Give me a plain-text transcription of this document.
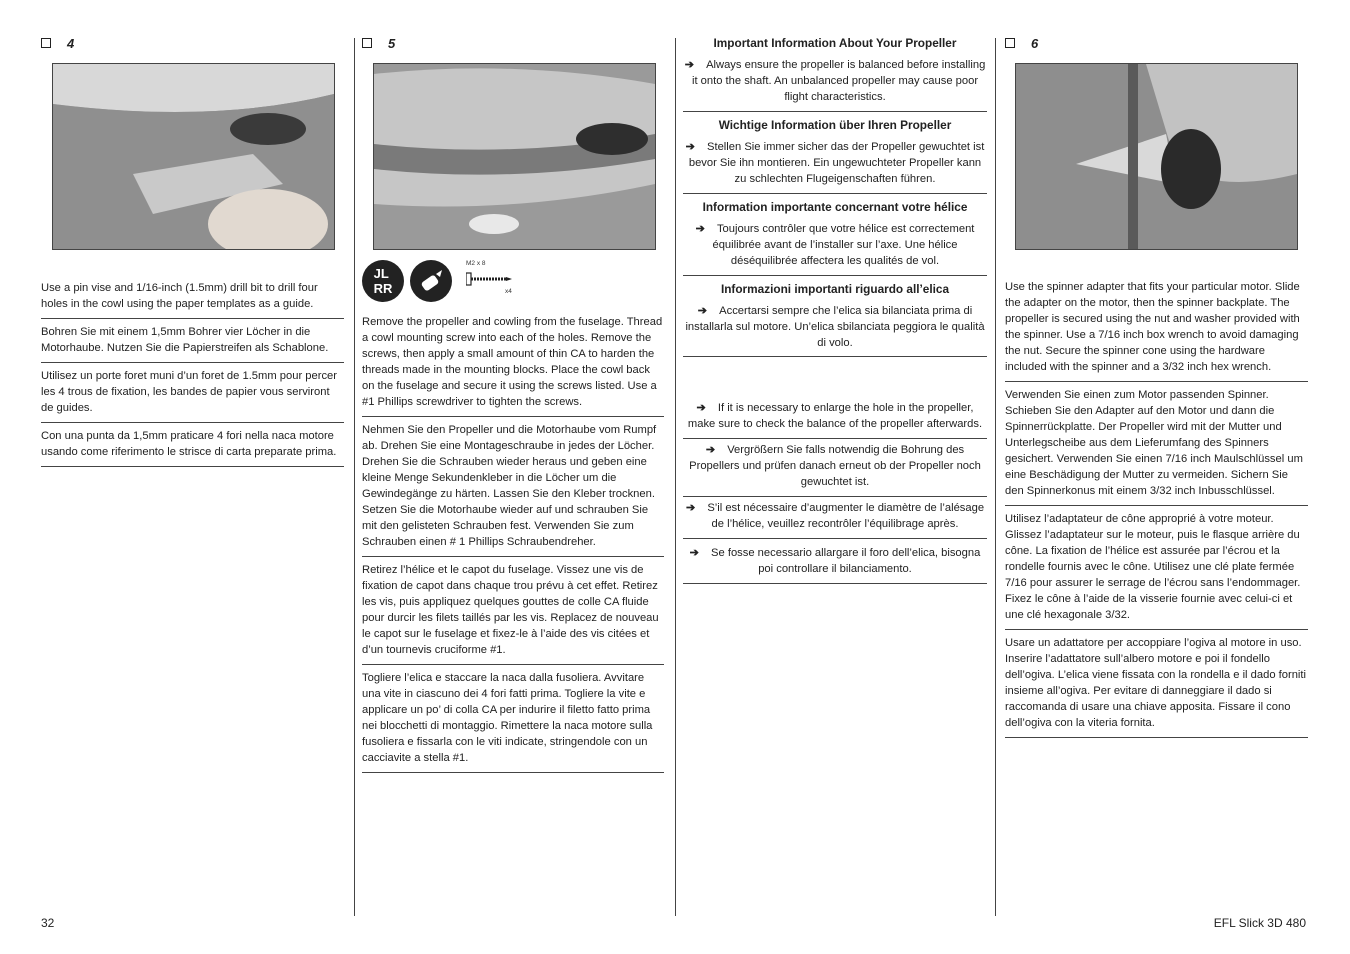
4
Use a pin vise and 1/16-inch (1.5mm) drill bit to drill four holes in the cowl using the paper templates as a guide.
Bohren Sie mit einem 1,5mm Bohrer vier Löcher in die Motorhaube. Nutzen Sie die Papierstreifen als Schablone.
Utilisez un porte foret muni d’un foret de 1.5mm pour percer les 4 trous de fixation, les bandes de papier vous serviront de guides.
Con una punta da 1,5mm praticare 4 fori nella naca motore usando come riferimento le strisce di carta preparate prima.
5
JL
RR
M2 x 8
x4
Remove the propeller and cowling from the fuselage. Thread a cowl mounting screw into each of the holes. Remove the screws, then apply a small amount of thin CA to harden the threads made in the mounting blocks. Place the cowl back on the fuselage and secure it using the screws listed. Use a #1 Phillips screwdriver to tighten the screws.
Nehmen Sie den Propeller und die Motorhaube vom Rumpf ab. Drehen Sie eine Montageschraube in jedes der Löcher. Drehen Sie die Schrauben wieder heraus und geben eine kleine Menge Sekundenkleber in die Löcher um die Gewindegänge zu härten. Lassen Sie den Kleber trocknen. Setzen Sie die Motorhaube wieder auf und schrauben Sie mit den gelisteten Schrauben fest. Verwenden Sie zum Schrauben einen # 1 Phillips Schraubendreher.
Retirez l’hélice et le capot du fuselage. Vissez une vis de fixation de capot dans chaque trou prévu à cet effet. Retirez les vis, puis appliquez quelques gouttes de colle CA fluide pour durcir les filets taillés par les vis. Replacez de nouveau le capot sur le fuselage et fixez-le à l’aide des vis citées et d’un tournevis cruciforme #1.
Togliere l’elica e staccare la naca dalla fusoliera. Avvitare una vite in ciascuno dei 4 fori fatti prima. Togliere la vite e applicare un po’ di colla CA per indurire il filetto fatto prima nei blocchetti di montaggio. Rimettere la naca motore sulla fusoliera e fissarla con le viti indicate, stringendole con un cacciavite a stella #1.
Important Information About Your Propeller
➔ Always ensure the propeller is balanced before installing it onto the shaft. An unbalanced propeller may cause poor flight characteristics.
Wichtige Information über Ihren Propeller
➔ Stellen Sie immer sicher das der Propeller gewuchtet ist bevor Sie ihn montieren. Ein ungewuchteter Propeller kann zu schlechten Flugeigenschaften führen.
Information importante concernant votre hélice
➔ Toujours contrôler que votre hélice est correctement équilibrée avant de l’installer sur l’axe. Une hélice déséquilibrée affectera les qualités de vol.
Informazioni importanti riguardo all’elica
➔ Accertarsi sempre che l’elica sia bilanciata prima di installarla sul motore. Un’elica sbilanciata peggiora le qualità di volo.
➔ If it is necessary to enlarge the hole in the propeller, make sure to check the balance of the propeller afterwards.
➔ Vergrößern Sie falls notwendig die Bohrung des Propellers und prüfen danach erneut ob der Propeller noch gewuchtet ist.
➔ S’il est nécessaire d’augmenter le diamètre de l’alésage de l’hélice, veuillez recontrôler l’équilibrage après.
➔ Se fosse necessario allargare il foro dell’elica, bisogna poi controllare il bilanciamento.
6
Use the spinner adapter that fits your particular motor. Slide the adapter on the motor, then the spinner backplate. The propeller is secured using the nut and washer provided with the spinner. Use a 7/16 inch box wrench to avoid damaging the nut. Secure the spinner cone using the hardware included with the spinner and a 3/32 inch hex wrench.
Verwenden Sie einen zum Motor passenden Spinner. Schieben Sie den Adapter auf den Motor und dann die Spinnerrückplatte. Der Propeller wird mit der Mutter und Unterlegscheibe aus dem Lieferumfang des Spinners gesichert. Verwenden Sie einen 7/16 inch Maulschlüssel um eine Beschädigung der Mutter zu vermeiden. Sichern Sie den Spinnerkonus mit einem 3/32 inch Inbusschlüssel.
Utilisez l’adaptateur de cône approprié à votre moteur. Glissez l’adaptateur sur le moteur, puis le flasque arrière du cône. La fixation de l’hélice est assurée par l’écrou et la rondelle fournis avec le cône. Utilisez une clé plate fermée 7/16 pour assurer le serrage de l’écrou sans l’endommager. Fixez le cône à l’aide de la visserie fournie avec celui-ci et une clé hexagonale 3/32.
Usare un adattatore per accoppiare l’ogiva al motore in uso. Inserire l’adattatore sull’albero motore e poi il fondello dell’ogiva. L’elica viene fissata con la rondella e il dado forniti insieme all’ogiva. Per evitare di danneggiare il dado si raccomanda di usare una chiave apposita. Fissare il cono dell’ogiva con la viteria fornita.
32	EFL Slick 3D 480
